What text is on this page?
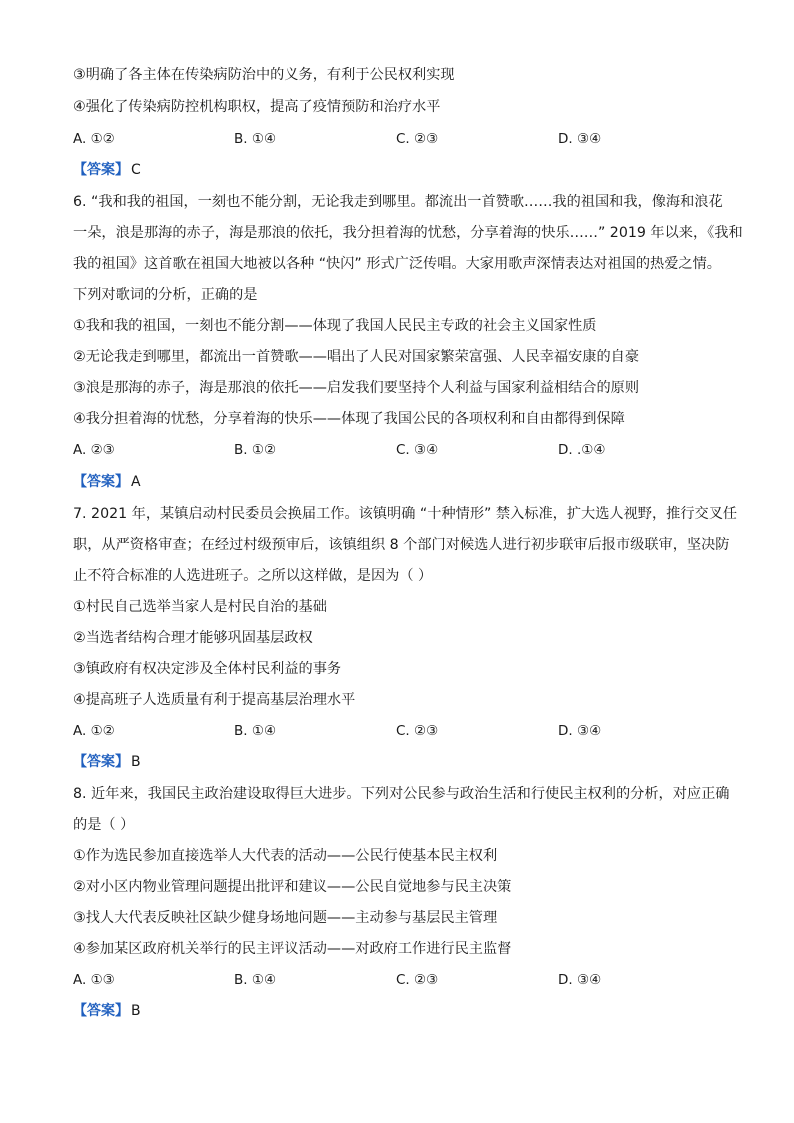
③明确了各主体在传染病防治中的义务，有利于公民权利实现
④强化了传染病防控机构职权，提高了疫情预防和治疗水平
A. ①②	B. ①④	C. ②③	D. ③④
【答案】 C
6. “我和我的祖国，一刻也不能分割，无论我走到哪里。都流出一首赞歌……我的祖国和我，像海和浪花
一朵，浪是那海的赤子，海是那浪的依托，我分担着海的忧愁，分享着海的快乐……” 2019 年以来，《我和
我的祖国》这首歌在祖国大地被以各种 “快闪” 形式广泛传唱。大家用歌声深情表达对祖国的热爱之情。
下列对歌词的分析，正确的是
①我和我的祖国，一刻也不能分割——体现了我国人民民主专政的社会主义国家性质
②无论我走到哪里，都流出一首赞歌——唱出了人民对国家繁荣富强、人民幸福安康的自豪
③浪是那海的赤子，海是那浪的依托——启发我们要坚持个人利益与国家利益相结合的原则
④我分担着海的忧愁，分享着海的快乐——体现了我国公民的各项权利和自由都得到保障
A. ②③	B. ①②	C. ③④	D. .①④
【答案】 A
7. 2021 年，某镇启动村民委员会换届工作。该镇明确 “十种情形” 禁入标准，扩大选人视野，推行交叉任
职，从严资格审查；在经过村级预审后，该镇组织 8 个部门对候选人进行初步联审后报市级联审，坚决防
止不符合标准的人选进班子。之所以这样做，是因为（ ）
①村民自己选举当家人是村民自治的基础
②当选者结构合理才能够巩固基层政权
③镇政府有权决定涉及全体村民利益的事务
④提高班子人选质量有利于提高基层治理水平
A. ①②	B. ①④	C. ②③	D. ③④
【答案】 B
8. 近年来，我国民主政治建设取得巨大进步。下列对公民参与政治生活和行使民主权利的分析，对应正确
的是（ ）
①作为选民参加直接选举人大代表的活动——公民行使基本民主权利
②对小区内物业管理问题提出批评和建议——公民自觉地参与民主决策
③找人大代表反映社区缺少健身场地问题——主动参与基层民主管理
④参加某区政府机关举行的民主评议活动——对政府工作进行民主监督
A. ①③	B. ①④	C. ②③	D. ③④
【答案】 B
